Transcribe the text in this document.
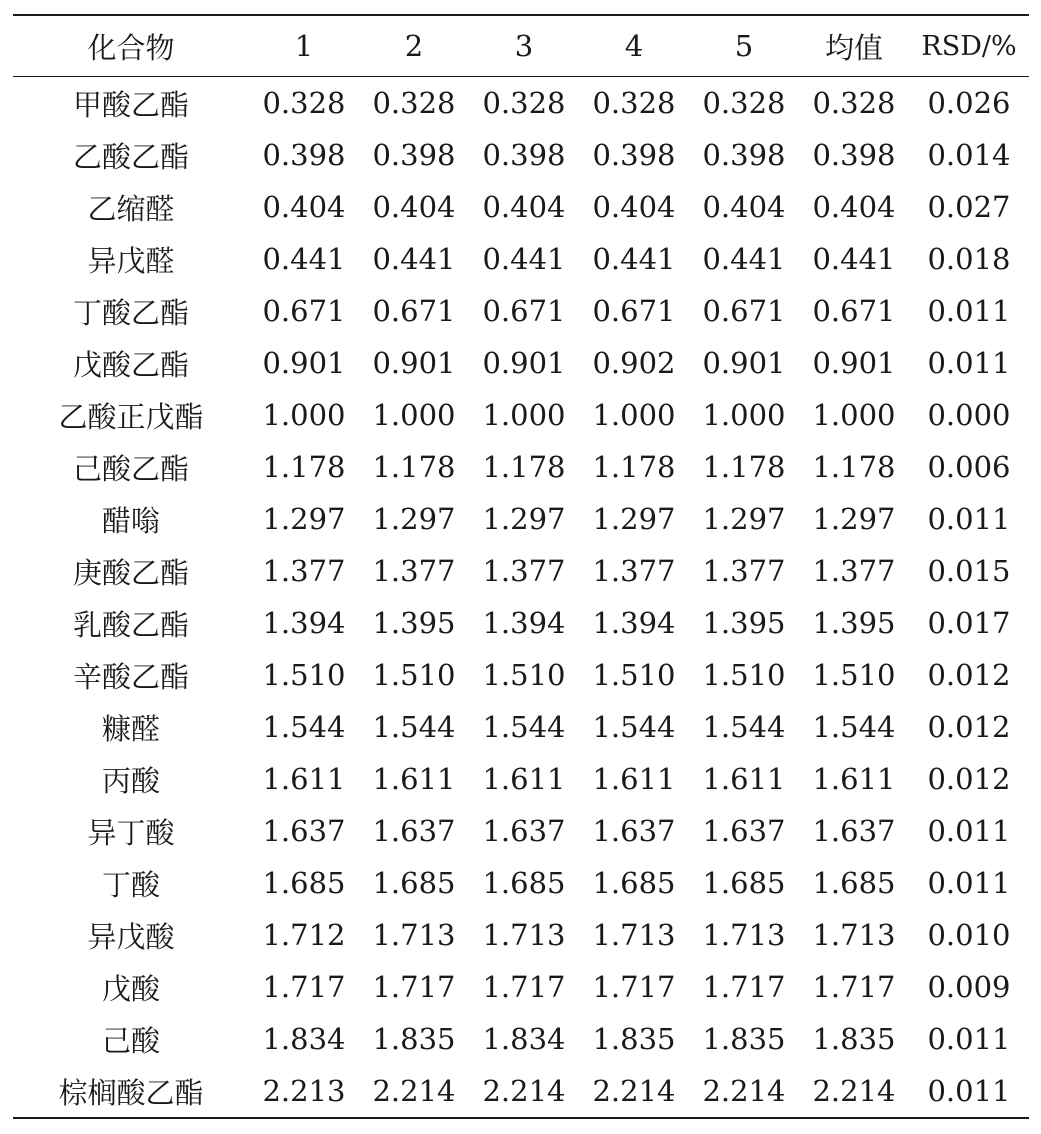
化合物	1	2	3	4	5	均值	RSD/%
甲酸乙酯	0.328	0.328	0.328	0.328	0.328	0.328	0.026
乙酸乙酯	0.398	0.398	0.398	0.398	0.398	0.398	0.014
乙缩醛	0.404	0.404	0.404	0.404	0.404	0.404	0.027
异戊醛	0.441	0.441	0.441	0.441	0.441	0.441	0.018
丁酸乙酯	0.671	0.671	0.671	0.671	0.671	0.671	0.011
戊酸乙酯	0.901	0.901	0.901	0.902	0.901	0.901	0.011
乙酸正戊酯	1.000	1.000	1.000	1.000	1.000	1.000	0.000
己酸乙酯	1.178	1.178	1.178	1.178	1.178	1.178	0.006
醋嗡	1.297	1.297	1.297	1.297	1.297	1.297	0.011
庚酸乙酯	1.377	1.377	1.377	1.377	1.377	1.377	0.015
乳酸乙酯	1.394	1.395	1.394	1.394	1.395	1.395	0.017
辛酸乙酯	1.510	1.510	1.510	1.510	1.510	1.510	0.012
糠醛	1.544	1.544	1.544	1.544	1.544	1.544	0.012
丙酸	1.611	1.611	1.611	1.611	1.611	1.611	0.012
异丁酸	1.637	1.637	1.637	1.637	1.637	1.637	0.011
丁酸	1.685	1.685	1.685	1.685	1.685	1.685	0.011
异戊酸	1.712	1.713	1.713	1.713	1.713	1.713	0.010
戊酸	1.717	1.717	1.717	1.717	1.717	1.717	0.009
己酸	1.834	1.835	1.834	1.835	1.835	1.835	0.011
棕榈酸乙酯	2.213	2.214	2.214	2.214	2.214	2.214	0.011
